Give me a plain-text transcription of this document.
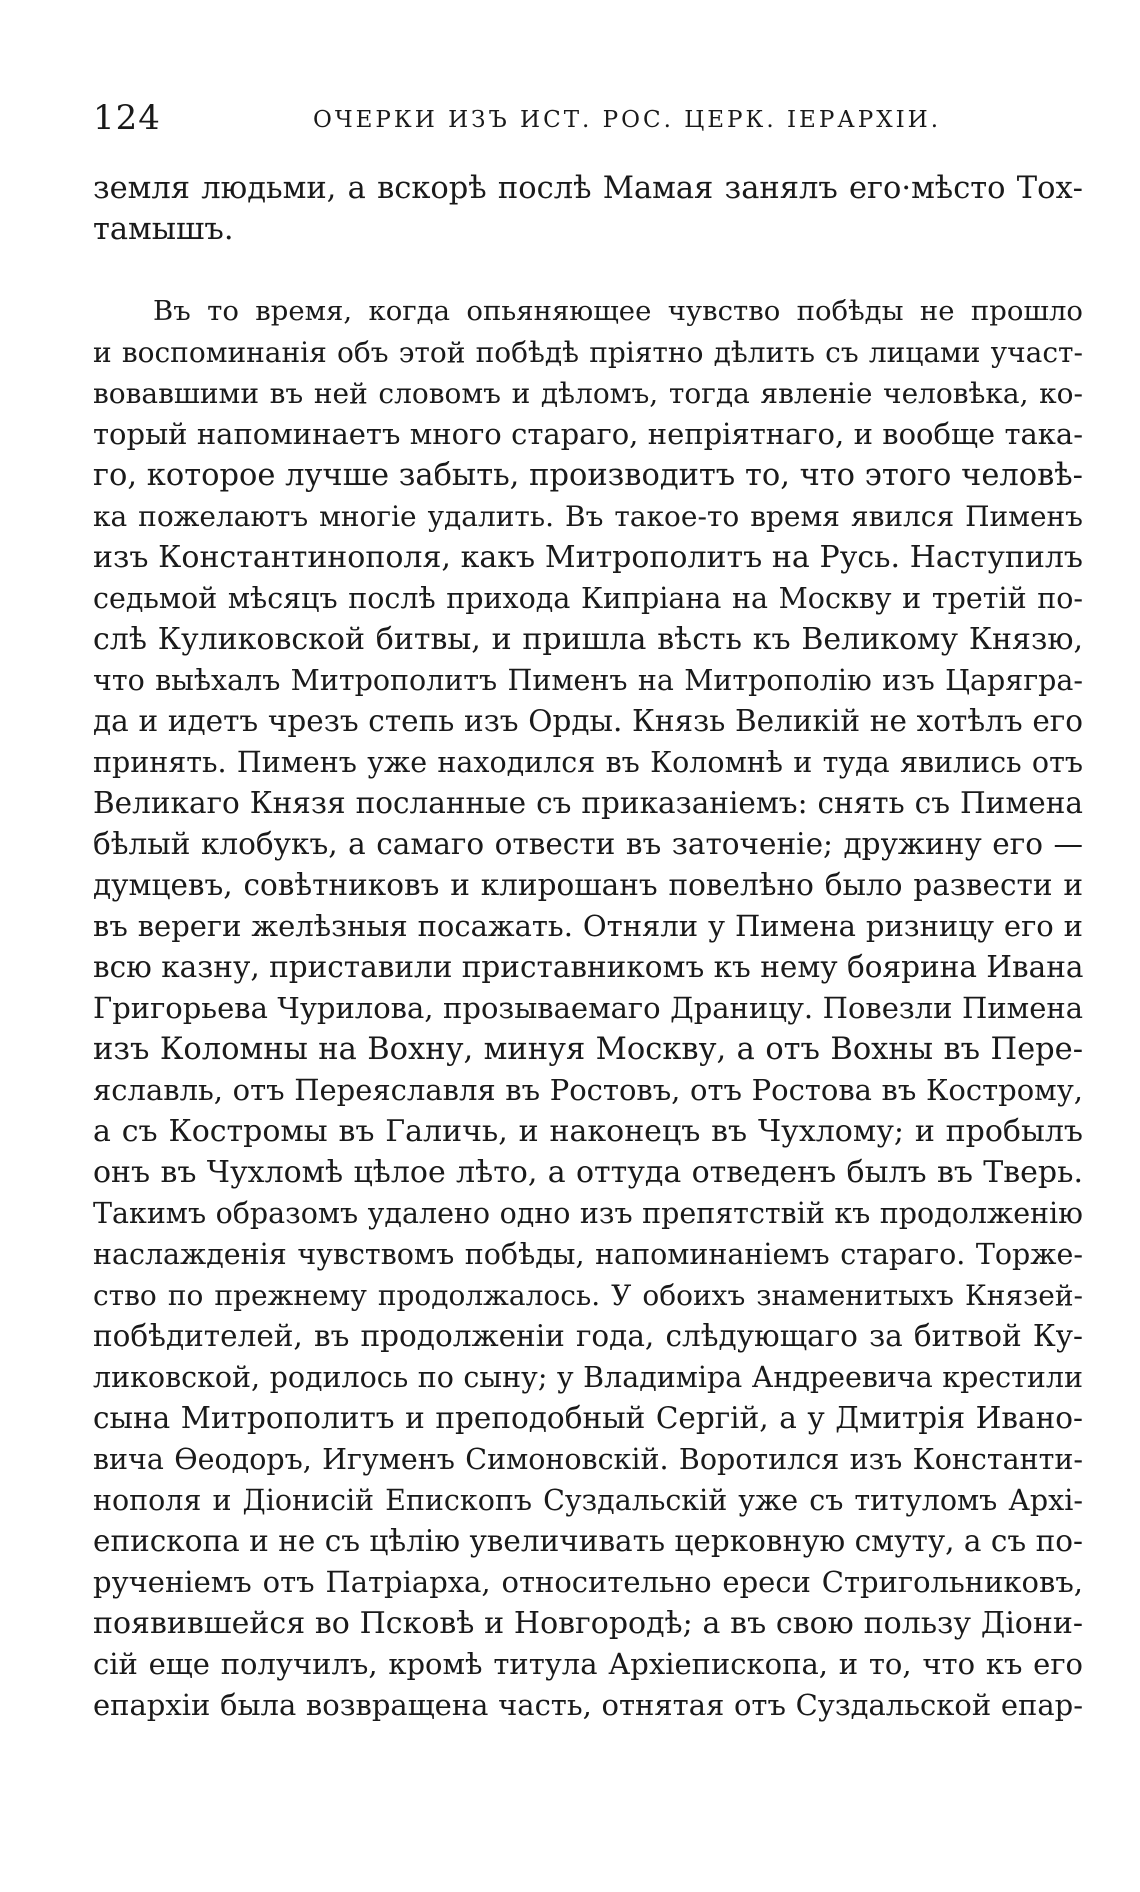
124	ОЧЕРКИ ИЗЪ ИСТ. РОС. ЦЕРК. ІЕРАРХІИ.
земля людьми, а вскорѣ послѣ Мамая занялъ его·мѣсто Тох-
тамышъ.
Въ то время, когда опьяняющее чувство побѣды не прошло
и воспоминанія объ этой побѣдѣ пріятно дѣлить съ лицами участ-
вовавшими въ ней словомъ и дѣломъ, тогда явленіе человѣка, ко-
торый напоминаетъ много стараго, непріятнаго, и вообще така-
го, которое лучше забыть, производитъ то, что этого человѣ-
ка пожелаютъ многіе удалить. Въ такое-то время явился Пименъ
изъ Константинополя, какъ Митрополитъ на Русь. Наступилъ
седьмой мѣсяцъ послѣ прихода Кипріана на Москву и третій по-
слѣ Куликовской битвы, и пришла вѣсть къ Великому Князю,
что выѣхалъ Митрополитъ Пименъ на Митрополію изъ Царягра-
да и идетъ чрезъ степь изъ Орды. Князь Великій не хотѣлъ его
принять. Пименъ уже находился въ Коломнѣ и туда явились отъ
Великаго Князя посланные съ приказаніемъ: снять съ Пимена
бѣлый клобукъ, а самаго отвести въ заточеніе; дружину его —
думцевъ, совѣтниковъ и клирошанъ повелѣно было развести и
въ вереги желѣзныя посажать. Отняли у Пимена ризницу его и
всю казну, приставили приставникомъ къ нему боярина Ивана
Григорьева Чурилова, прозываемаго Драницу. Повезли Пимена
изъ Коломны на Вохну, минуя Москву, а отъ Вохны въ Пере-
яславль, отъ Переяславля въ Ростовъ, отъ Ростова въ Кострому,
а съ Костромы въ Галичь, и наконецъ въ Чухлому; и пробылъ
онъ въ Чухломѣ цѣлое лѣто, а оттуда отведенъ былъ въ Тверь.
Такимъ образомъ удалено одно изъ препятствій къ продолженію
наслажденія чувствомъ побѣды, напоминаніемъ стараго. Торже-
ство по прежнему продолжалось. У обоихъ знаменитыхъ Князей-
побѣдителей, въ продолженіи года, слѣдующаго за битвой Ку-
ликовской, родилось по сыну; у Владиміра Андреевича крестили
сына Митрополитъ и преподобный Сергій, а у Дмитрія Ивано-
вича Ѳеодоръ, Игуменъ Симоновскій. Воротился изъ Константи-
нополя и Діонисій Епископъ Суздальскій уже съ титуломъ Архі-
епископа и не съ цѣлію увеличивать церковную смуту, а съ по-
рученіемъ отъ Патріарха, относительно ереси Стригольниковъ,
появившейся во Псковѣ и Новгородѣ; а въ свою пользу Діони-
сій еще получилъ, кромѣ титула Архіепископа, и то, что къ его
епархіи была возвращена часть, отнятая отъ Суздальской епар-
